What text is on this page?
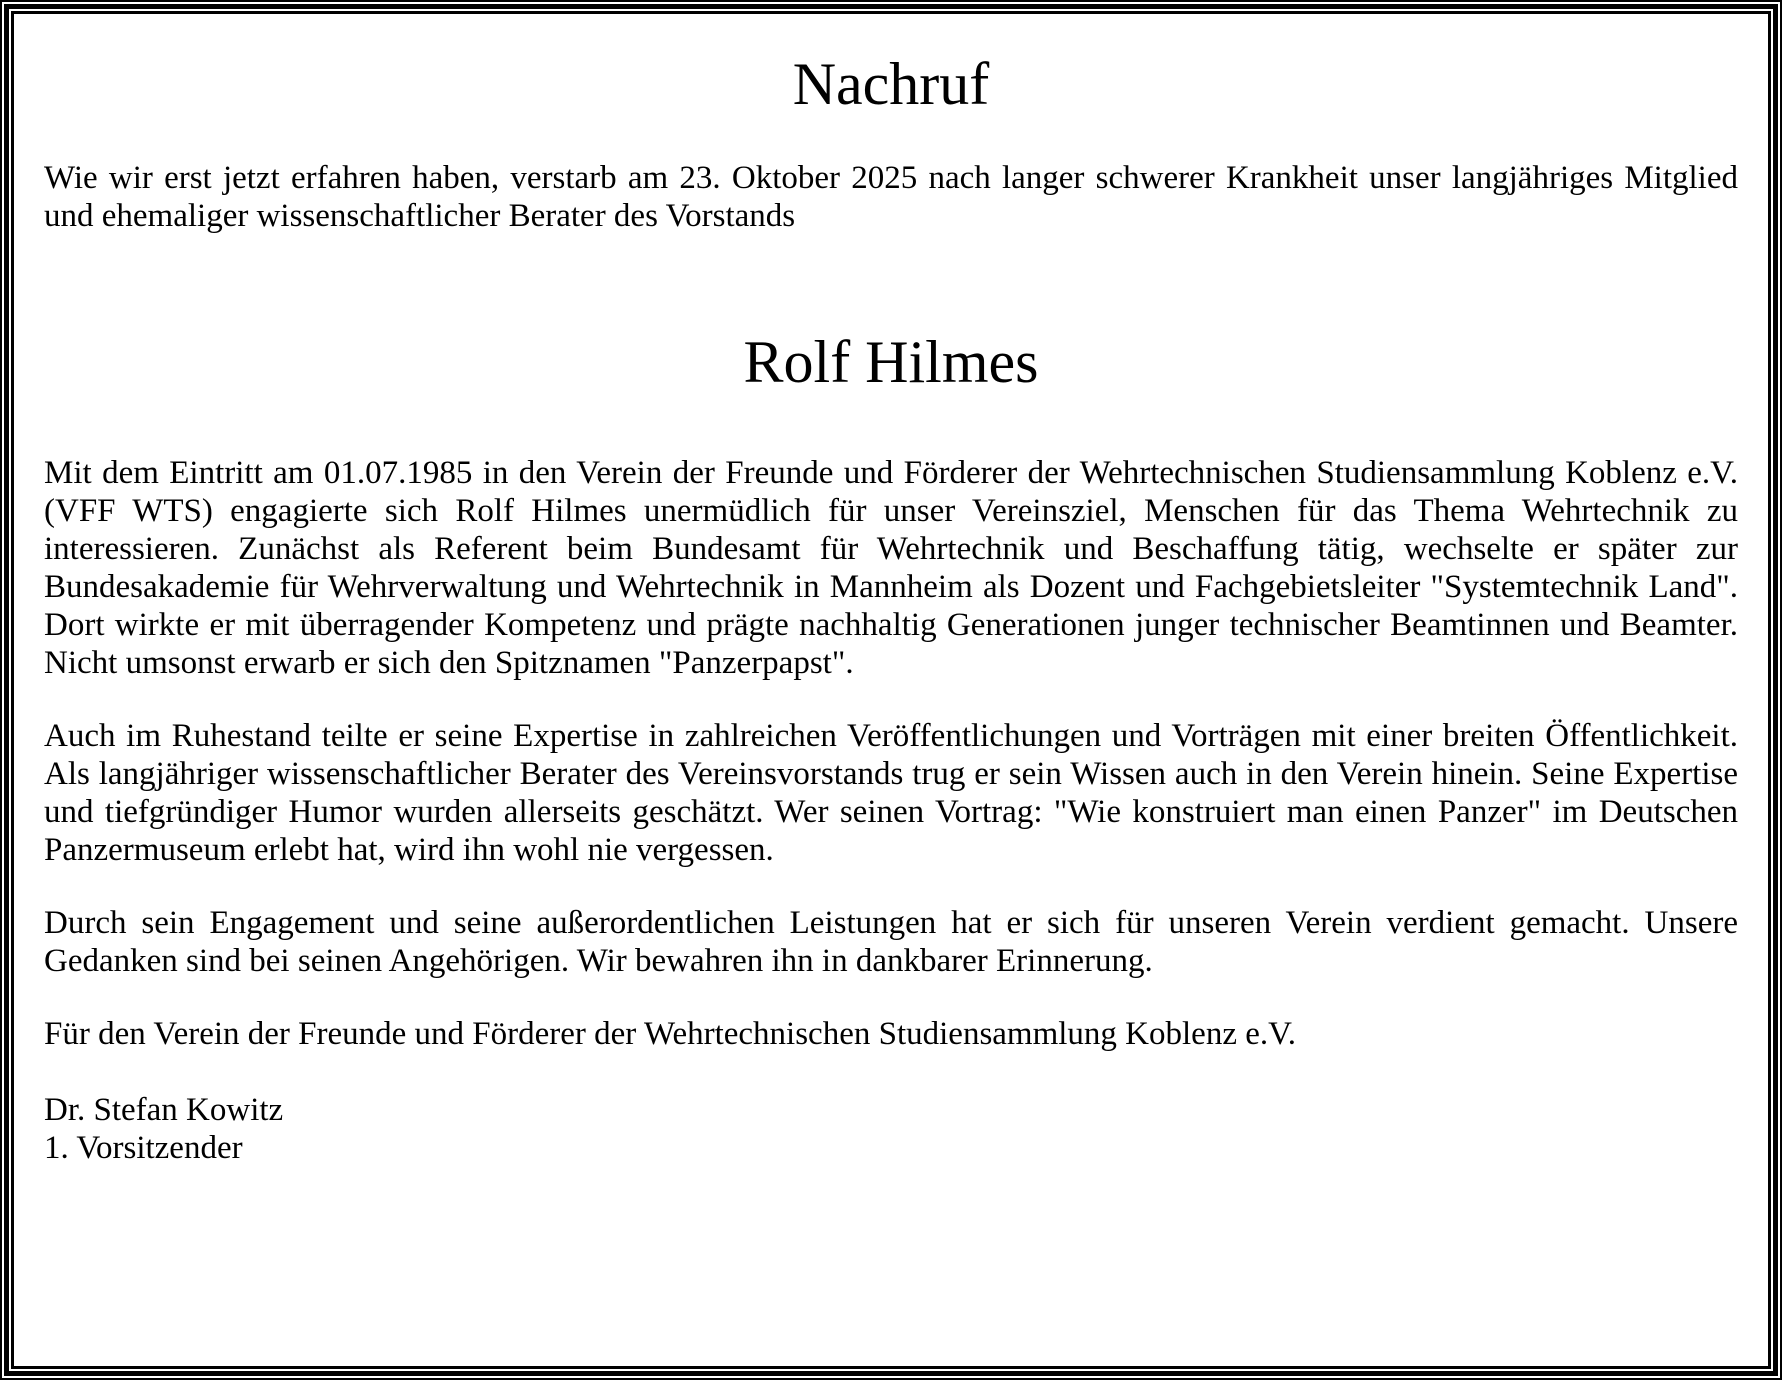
Nachruf

Wie wir erst jetzt erfahren haben, verstarb am 23. Oktober 2025 nach langer schwerer Krankheit unser langjähriges Mitglied und ehemaliger wissenschaftlicher Berater des Vorstands

Rolf Hilmes

Mit dem Eintritt am 01.07.1985 in den Verein der Freunde und Förderer der Wehrtechnischen Studiensammlung Koblenz e.V. (VFF WTS) engagierte sich Rolf Hilmes unermüdlich für unser Vereinsziel, Menschen für das Thema Wehrtechnik zu interessieren. Zunächst als Referent beim Bundesamt für Wehrtechnik und Beschaffung tätig, wechselte er später zur Bundesakademie für Wehrverwaltung und Wehrtechnik in Mannheim als Dozent und Fachgebietsleiter "Systemtechnik Land". Dort wirkte er mit überragender Kompetenz und prägte nachhaltig Generationen junger technischer Beamtinnen und Beamter. Nicht umsonst erwarb er sich den Spitznamen "Panzerpapst".

Auch im Ruhestand teilte er seine Expertise in zahlreichen Veröffentlichungen und Vorträgen mit einer breiten Öffentlichkeit. Als langjähriger wissenschaftlicher Berater des Vereinsvorstands trug er sein Wissen auch in den Verein hinein. Seine Expertise und tiefgründiger Humor wurden allerseits geschätzt. Wer seinen Vortrag: "Wie konstruiert man einen Panzer" im Deutschen Panzermuseum erlebt hat, wird ihn wohl nie vergessen.

Durch sein Engagement und seine außerordentlichen Leistungen hat er sich für unseren Verein verdient gemacht. Unsere Gedanken sind bei seinen Angehörigen. Wir bewahren ihn in dankbarer Erinnerung.

Für den Verein der Freunde und Förderer der Wehrtechnischen Studiensammlung Koblenz e.V.

Dr. Stefan Kowitz
1. Vorsitzender
